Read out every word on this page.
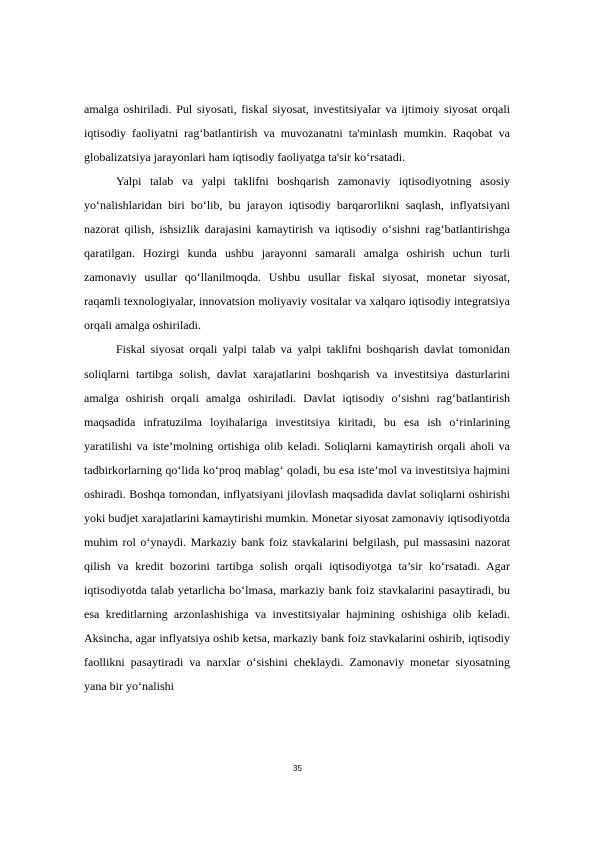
amalga oshiriladi. Pul siyosati, fiskal siyosat, investitsiyalar va ijtimoiy siyosat orqali iqtisodiy faoliyatni rag‘batlantirish va muvozanatni ta'minlash mumkin. Raqobat va globalizatsiya jarayonlari ham iqtisodiy faoliyatga ta'sir ko‘rsatadi.

Yalpi talab va yalpi taklifni boshqarish zamonaviy iqtisodiyotning asosiy yo‘nalishlaridan biri bo‘lib, bu jarayon iqtisodiy barqarorlikni saqlash, inflyatsiyani nazorat qilish, ishsizlik darajasini kamaytirish va iqtisodiy o‘sishni rag‘batlantirishga qaratilgan. Hozirgi kunda ushbu jarayonni samarali amalga oshirish uchun turli zamonaviy usullar qo‘llanilmoqda. Ushbu usullar fiskal siyosat, monetar siyosat, raqamli texnologiyalar, innovatsion moliyaviy vositalar va xalqaro iqtisodiy integratsiya orqali amalga oshiriladi.

Fiskal siyosat orqali yalpi talab va yalpi taklifni boshqarish davlat tomonidan soliqlarni tartibga solish, davlat xarajatlarini boshqarish va investitsiya dasturlarini amalga oshirish orqali amalga oshiriladi. Davlat iqtisodiy o‘sishni rag‘batlantirish maqsadida infratuzilma loyihalariga investitsiya kiritadi, bu esa ish o‘rinlarining yaratilishi va iste’molning ortishiga olib keladi. Soliqlarni kamaytirish orqali aholi va tadbirkorlarning qo‘lida ko‘proq mablag‘ qoladi, bu esa iste’mol va investitsiya hajmini oshiradi. Boshqa tomondan, inflyatsiyani jilovlash maqsadida davlat soliqlarni oshirishi yoki budjet xarajatlarini kamaytirishi mumkin. Monetar siyosat zamonaviy iqtisodiyotda muhim rol o‘ynaydi. Markaziy bank foiz stavkalarini belgilash, pul massasini nazorat qilish va kredit bozorini tartibga solish orqali iqtisodiyotga ta’sir ko‘rsatadi. Agar iqtisodiyotda talab yetarlicha bo‘lmasa, markaziy bank foiz stavkalarini pasaytiradi, bu esa kreditlarning arzonlashishiga va investitsiyalar hajmining oshishiga olib keladi. Aksincha, agar inflyatsiya oshib ketsa, markaziy bank foiz stavkalarini oshirib, iqtisodiy faollikni pasaytiradi va narxlar o‘sishini cheklaydi. Zamonaviy monetar siyosatning yana bir yo‘nalishi

35
